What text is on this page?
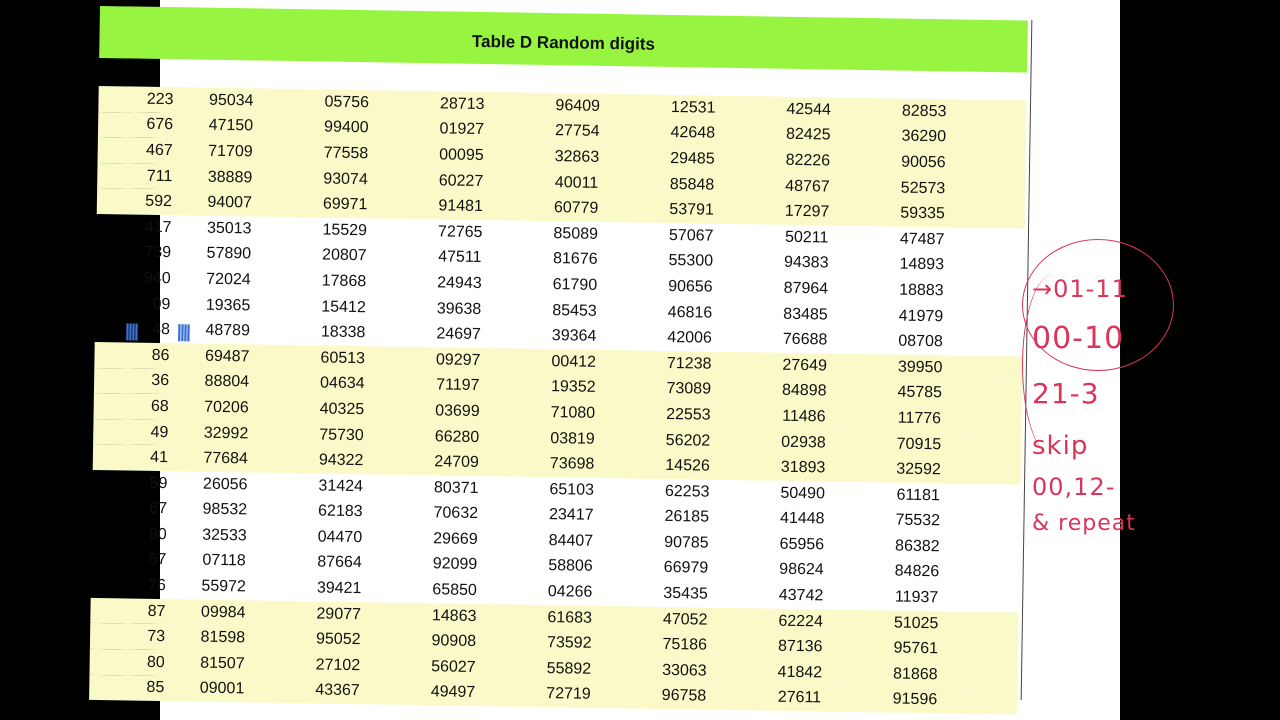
Table D Random digits
223	95034	05756	28713	96409	12531	42544	82853
676	47150	99400	01927	27754	42648	82425	36290
467	71709	77558	00095	32863	29485	82226	90056
711	38889	93074	60227	40011	85848	48767	52573
592	94007	69971	91481	60779	53791	17297	59335
417	35013	15529	72765	85089	57067	50211	47487
739	57890	20807	47511	81676	55300	94383	14893
940	72024	17868	24943	61790	90656	87964	18883
09	19365	15412	39638	85453	46816	83485	41979
48	48789	18338	24697	39364	42006	76688	08708
86	69487	60513	09297	00412	71238	27649	39950
36	88804	04634	71197	19352	73089	84898	45785
68	70206	40325	03699	71080	22553	11486	11776
49	32992	75730	66280	03819	56202	02938	70915
41	77684	94322	24709	73698	14526	31893	32592
59	26056	31424	80371	65103	62253	50490	61181
67	98532	62183	70632	23417	26185	41448	75532
90	32533	04470	29669	84407	90785	65956	86382
57	07118	87664	92099	58806	66979	98624	84826
76	55972	39421	65850	04266	35435	43742	11937
87	09984	29077	14863	61683	47052	62224	51025
73	81598	95052	90908	73592	75186	87136	95761
80	81507	27102	56027	55892	33063	41842	81868
85	09001	43367	49497	72719	96758	27611	91596
|||| ||||
→01-11
00-10
21-3
skip
00,12-
& repeat
